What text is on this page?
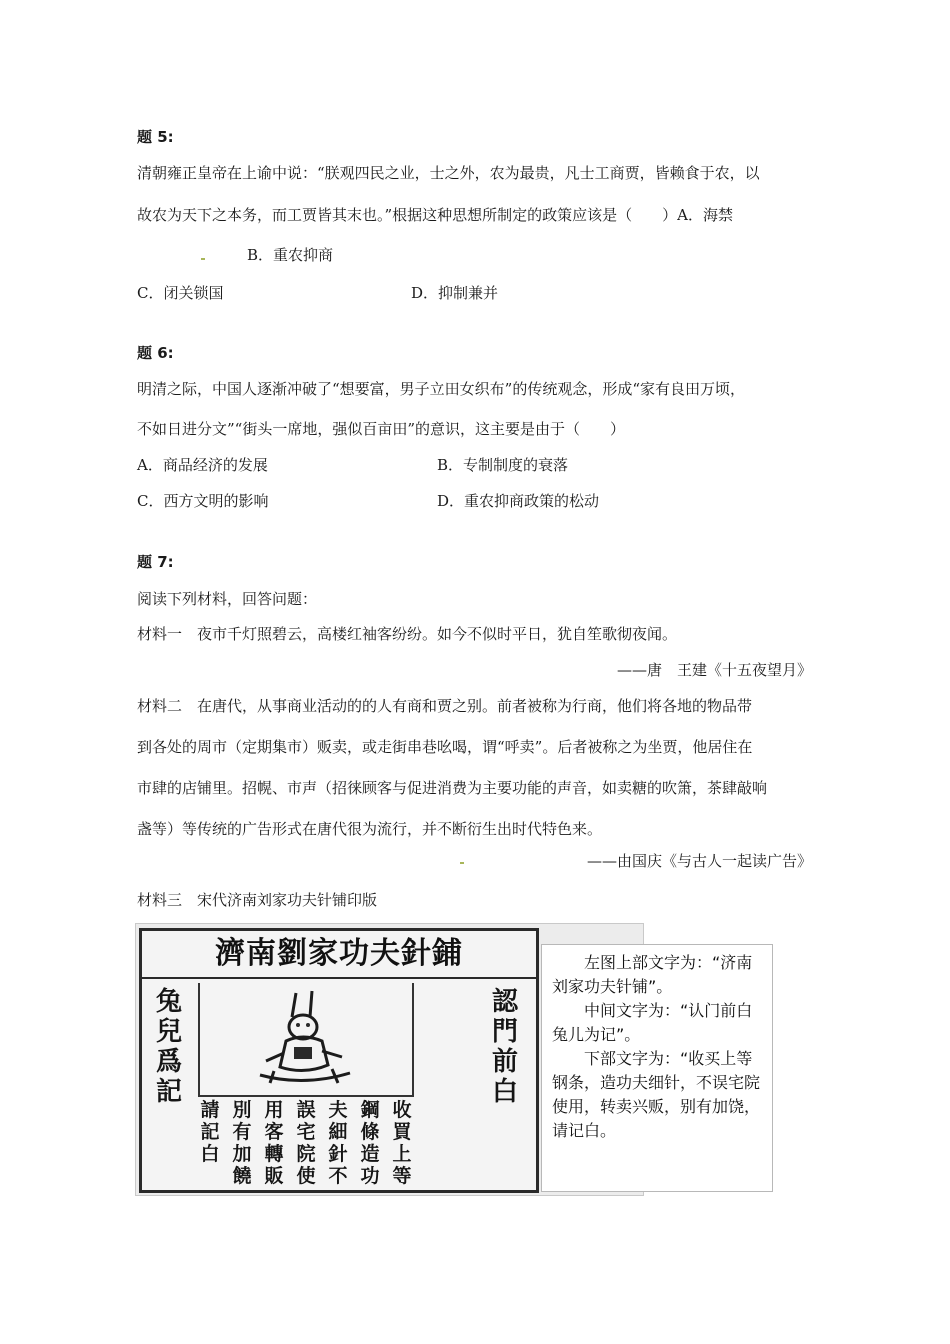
题 5:
清朝雍正皇帝在上谕中说：“朕观四民之业，士之外，农为最贵，凡士工商贾，皆赖食于农，以
故农为天下之本务，而工贾皆其末也。”根据这种思想所制定的政策应该是（　　）A．海禁
B．重农抑商
C．闭关锁国	D．抑制兼并
题 6:
明清之际，中国人逐渐冲破了“想要富，男子立田女织布”的传统观念，形成“家有良田万顷，
不如日进分文”“街头一席地，强似百亩田”的意识，这主要是由于（　　）
A．商品经济的发展	B．专制制度的衰落
C．西方文明的影响	D．重农抑商政策的松动
题 7:
阅读下列材料，回答问题：
材料一　夜市千灯照碧云，高楼红袖客纷纷。如今不似时平日，犹自笙歌彻夜闻。
——唐　王建《十五夜望月》
材料二　在唐代，从事商业活动的的人有商和贾之别。前者被称为行商，他们将各地的物品带
到各处的周市（定期集市）贩卖，或走街串巷吆喝，谓“呼卖”。后者被称之为坐贾，他居住在
市肆的店铺里。招幌、市声（招徕顾客与促进消费为主要功能的声音，如卖糖的吹箫，茶肆敲响
盏等）等传统的广告形式在唐代很为流行，并不断衍生出时代特色来。
——由国庆《与古人一起读广告》
材料三　宋代济南刘家功夫针铺印版
濟南劉家功夫針鋪
兔兒爲記
認門前白
收買上等
鋼條造功
夫細針不
誤宅院使
用客轉販
別有加饒
請記白

左图上部文字为：“济南刘家功夫针铺”。

中间文字为：“认门前白兔儿为记”。

下部文字为：“收买上等钢条，造功夫细针，不误宅院使用，转卖兴贩，别有加饶，请记白。
